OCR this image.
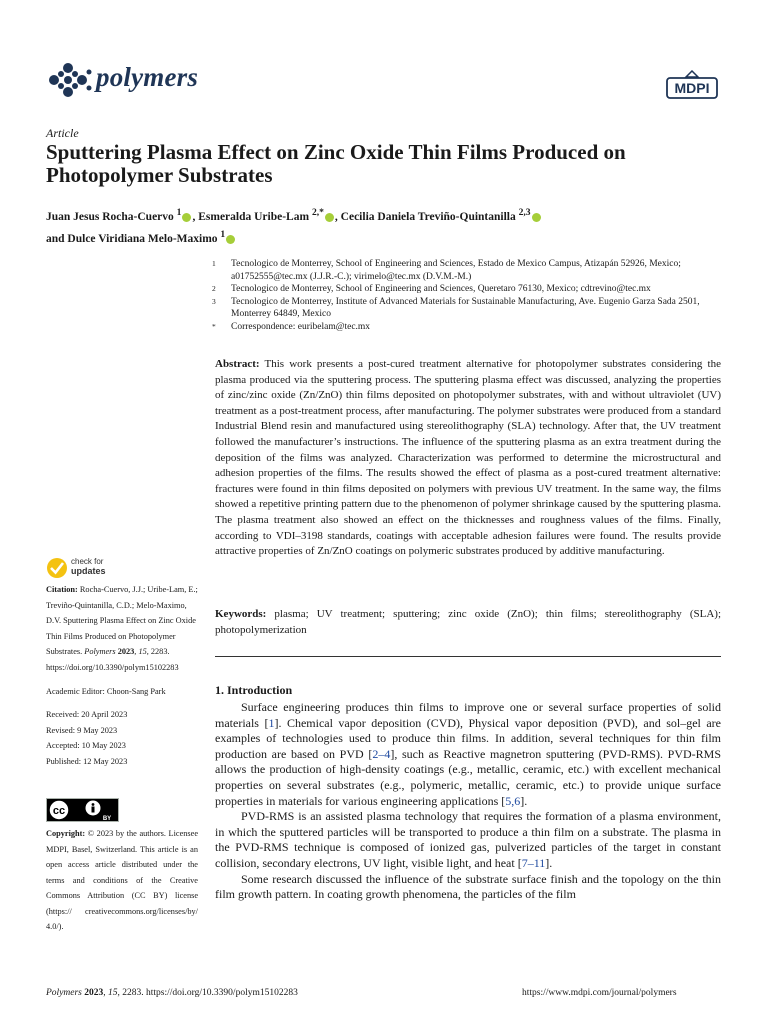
polymers	MDPI
Article
Sputtering Plasma Effect on Zinc Oxide Thin Films Produced on Photopolymer Substrates
Juan Jesus Rocha-Cuervo $^1$ , Esmeralda Uribe-Lam $^{2,*}$ , Cecilia Daniela Treviño-Quintanilla $^{2,3}$
and Dulce Viridiana Melo-Maximo $^1$
1	Tecnologico de Monterrey, School of Engineering and Sciences, Estado de Mexico Campus, Atizapán 52926, Mexico; a01752555@tec.mx (J.J.R.-C.); virimelo@tec.mx (D.V.M.-M.)
2	Tecnologico de Monterrey, School of Engineering and Sciences, Queretaro 76130, Mexico; cdtrevino@tec.mx
3	Tecnologico de Monterrey, Institute of Advanced Materials for Sustainable Manufacturing, Ave. Eugenio Garza Sada 2501, Monterrey 64849, Mexico
*	Correspondence: euribelam@tec.mx
Abstract: This work presents a post-cured treatment alternative for photopolymer substrates considering the plasma produced via the sputtering process. The sputtering plasma effect was discussed, analyzing the properties of zinc/zinc oxide (Zn/ZnO) thin films deposited on photopolymer substrates, with and without ultraviolet (UV) treatment as a post-treatment process, after manufacturing. The polymer substrates were produced from a standard Industrial Blend resin and manufactured using stereolithography (SLA) technology. After that, the UV treatment followed the manufacturer’s instructions. The influence of the sputtering plasma as an extra treatment during the deposition of the films was analyzed. Characterization was performed to determine the microstructural and adhesion properties of the films. The results showed the effect of plasma as a post-cured treatment alternative: fractures were found in thin films deposited on polymers with previous UV treatment. In the same way, the films showed a repetitive printing pattern due to the phenomenon of polymer shrinkage caused by the sputtering plasma. The plasma treatment also showed an effect on the thicknesses and roughness values of the films. Finally, according to VDI–3198 standards, coatings with acceptable adhesion failures were found. The results provide attractive properties of Zn/ZnO coatings on polymeric substrates produced by additive manufacturing.
Keywords: plasma; UV treatment; sputtering; zinc oxide (ZnO); thin films; stereolithography (SLA); photopolymerization
check for
updates

Citation: Rocha-Cuervo, J.J.; Uribe-Lam, E.; Treviño-Quintanilla, C.D.; Melo-Maximo, D.V. Sputtering Plasma Effect on Zinc Oxide Thin Films Produced on Photopolymer Substrates. Polymers 2023, 15, 2283. https://doi.org/10.3390/polym15102283

Academic Editor: Choon-Sang Park

Received: 20 April 2023

Revised: 9 May 2023

Accepted: 10 May 2023

Published: 12 May 2023

cc
BY
Copyright: © 2023 by the authors. Licensee MDPI, Basel, Switzerland. This article is an open access article distributed under the terms and conditions of the Creative Commons Attribution (CC BY) license (https:// creativecommons.org/licenses/by/ 4.0/).
1. Introduction

Surface engineering produces thin films to improve one or several surface properties of solid materials [1]. Chemical vapor deposition (CVD), Physical vapor deposition (PVD), and sol–gel are examples of technologies used to produce thin films. In addition, several techniques for thin film production are based on PVD [2–4], such as Reactive magnetron sputtering (PVD-RMS). PVD-RMS allows the production of high-density coatings (e.g., metallic, ceramic, etc.) with excellent mechanical properties on several substrates (e.g., polymeric, metallic, ceramic, etc.) to provide unique surface properties in materials for various engineering applications [5,6].

PVD-RMS is an assisted plasma technology that requires the formation of a plasma environment, in which the sputtered particles will be transported to produce a thin film on a substrate. The plasma in the PVD-RMS technique is composed of ionized gas, pulverized particles of the target in constant collision, secondary electrons, UV light, visible light, and heat [7–11].

Some research discussed the influence of the substrate surface finish and the topology on the thin film growth pattern. In coating growth phenomena, the particles of the film

Polymers 2023, 15, 2283. https://doi.org/10.3390/polym15102283	https://www.mdpi.com/journal/polymers
